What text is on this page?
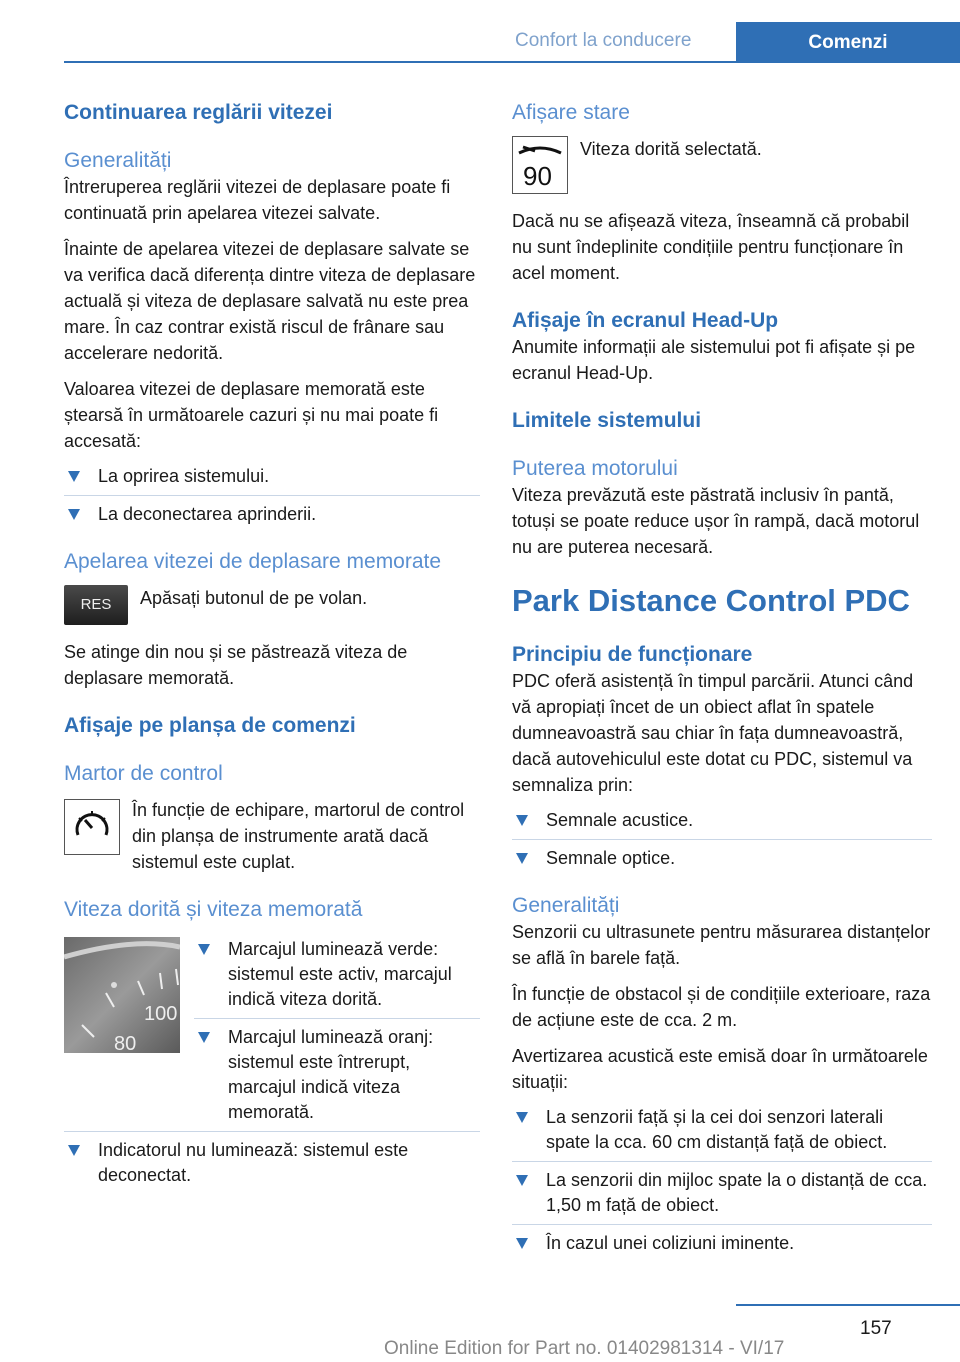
Confort la conducere	Comenzi
Continuarea reglării vitezei
Generalități

Întreruperea reglării vitezei de deplasare poate fi continuată prin apelarea vitezei salvate.

Înainte de apelarea vitezei de deplasare salvate se va verifica dacă diferența dintre viteza de deplasare actuală și viteza de deplasare salvată nu este prea mare. În caz contrar există riscul de frânare sau accelerare nedorită.

Valoarea vitezei de deplasare memorată este ștearsă în următoarele cazuri și nu mai poate fi accesată:

La oprirea sistemului.
La deconectarea aprinderii.
Apelarea vitezei de deplasare memorate
RES	Apăsați butonul de pe volan.

Se atinge din nou și se păstrează viteza de deplasare memorată.

Afișaje pe planșa de comenzi
Martor de control

În funcție de echipare, martorul de control din planșa de instrumente arată dacă sistemul este cuplat.

Viteza dorită și viteza memorată
100
80
Marcajul luminează verde: sistemul este activ, marcajul indică viteza dorită.
Marcajul luminează oranj: sistemul este întrerupt, marcajul indică viteza memorată.
Indicatorul nu luminează: sistemul este deconectat.
Afișare stare
90

Viteza dorită selectată.

Dacă nu se afișează viteza, înseamnă că probabil nu sunt îndeplinite condițiile pentru funcționare în acel moment.

Afișaje în ecranul Head-Up

Anumite informații ale sistemului pot fi afișate și pe ecranul Head-Up.

Limitele sistemului
Puterea motorului

Viteza prevăzută este păstrată inclusiv în pantă, totuși se poate reduce ușor în rampă, dacă motorul nu are puterea necesară.

Park Distance Control PDC
Principiu de funcționare

PDC oferă asistență în timpul parcării. Atunci când vă apropiați încet de un obiect aflat în spatele dumneavoastră sau chiar în fața dumneavoastră, dacă autovehiculul este dotat cu PDC, sistemul va semnaliza prin:

Semnale acustice.
Semnale optice.
Generalități

Senzorii cu ultrasunete pentru măsurarea distanțelor se află în barele față.

În funcție de obstacol și de condițiile exterioare, raza de acțiune este de cca. 2 m.

Avertizarea acustică este emisă doar în următoarele situații:

La senzorii față și la cei doi senzori laterali spate la cca. 60 cm distanță față de obiect.
La senzorii din mijloc spate la o distanță de cca. 1,50 m față de obiect.
În cazul unei coliziuni iminente.
157
Online Edition for Part no. 01402981314 - VI/17
